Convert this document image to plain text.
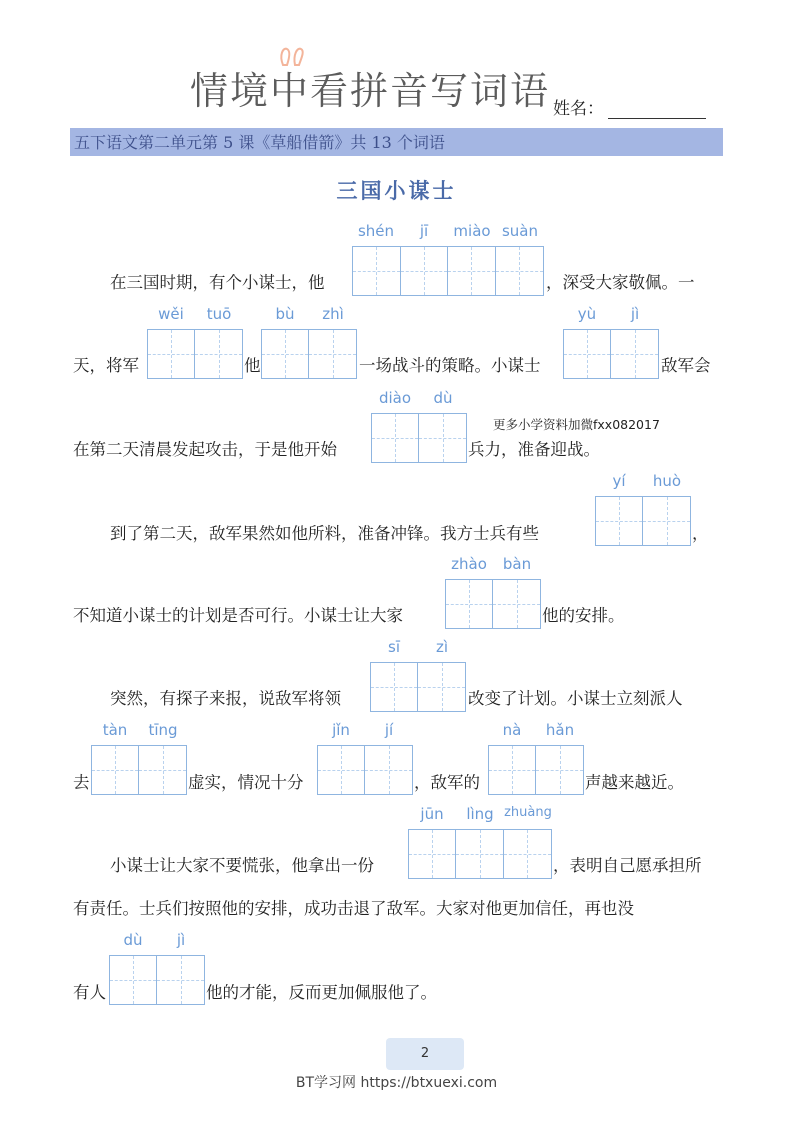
情境中看拼音写词语 姓名：
五下语文第二单元第 5 课《草船借箭》共 13 个词语
三国小谋士
在三国时期，有个小谋士，他
shén	jī	miào suàn
，深受大家敬佩。一
天，将军
wěi	tuō
他
bù	zhì
一场战斗的策略。小谋士
yù	jì
敌军会
在第二天清晨发起攻击，于是他开始
diào	dù
兵力，准备迎战。
更多小学资料加微fxx082017
到了第二天，敌军果然如他所料，准备冲锋。我方士兵有些
yí	huò
，
不知道小谋士的计划是否可行。小谋士让大家
zhào	bàn
他的安排。
突然，有探子来报，说敌军将领
sī	zì
改变了计划。小谋士立刻派人
去
tàn	tīng
虚实，情况十分
jǐn	jí
，敌军的
nà	hǎn
声越来越近。
小谋士让大家不要慌张，他拿出一份
jūn	lìng zhuàng
，表明自己愿承担所
有责任。士兵们按照他的安排，成功击退了敌军。大家对他更加信任，再也没
有人
dù	jì
他的才能，反而更加佩服他了。
2
BT学习网 https://btxuexi.com
